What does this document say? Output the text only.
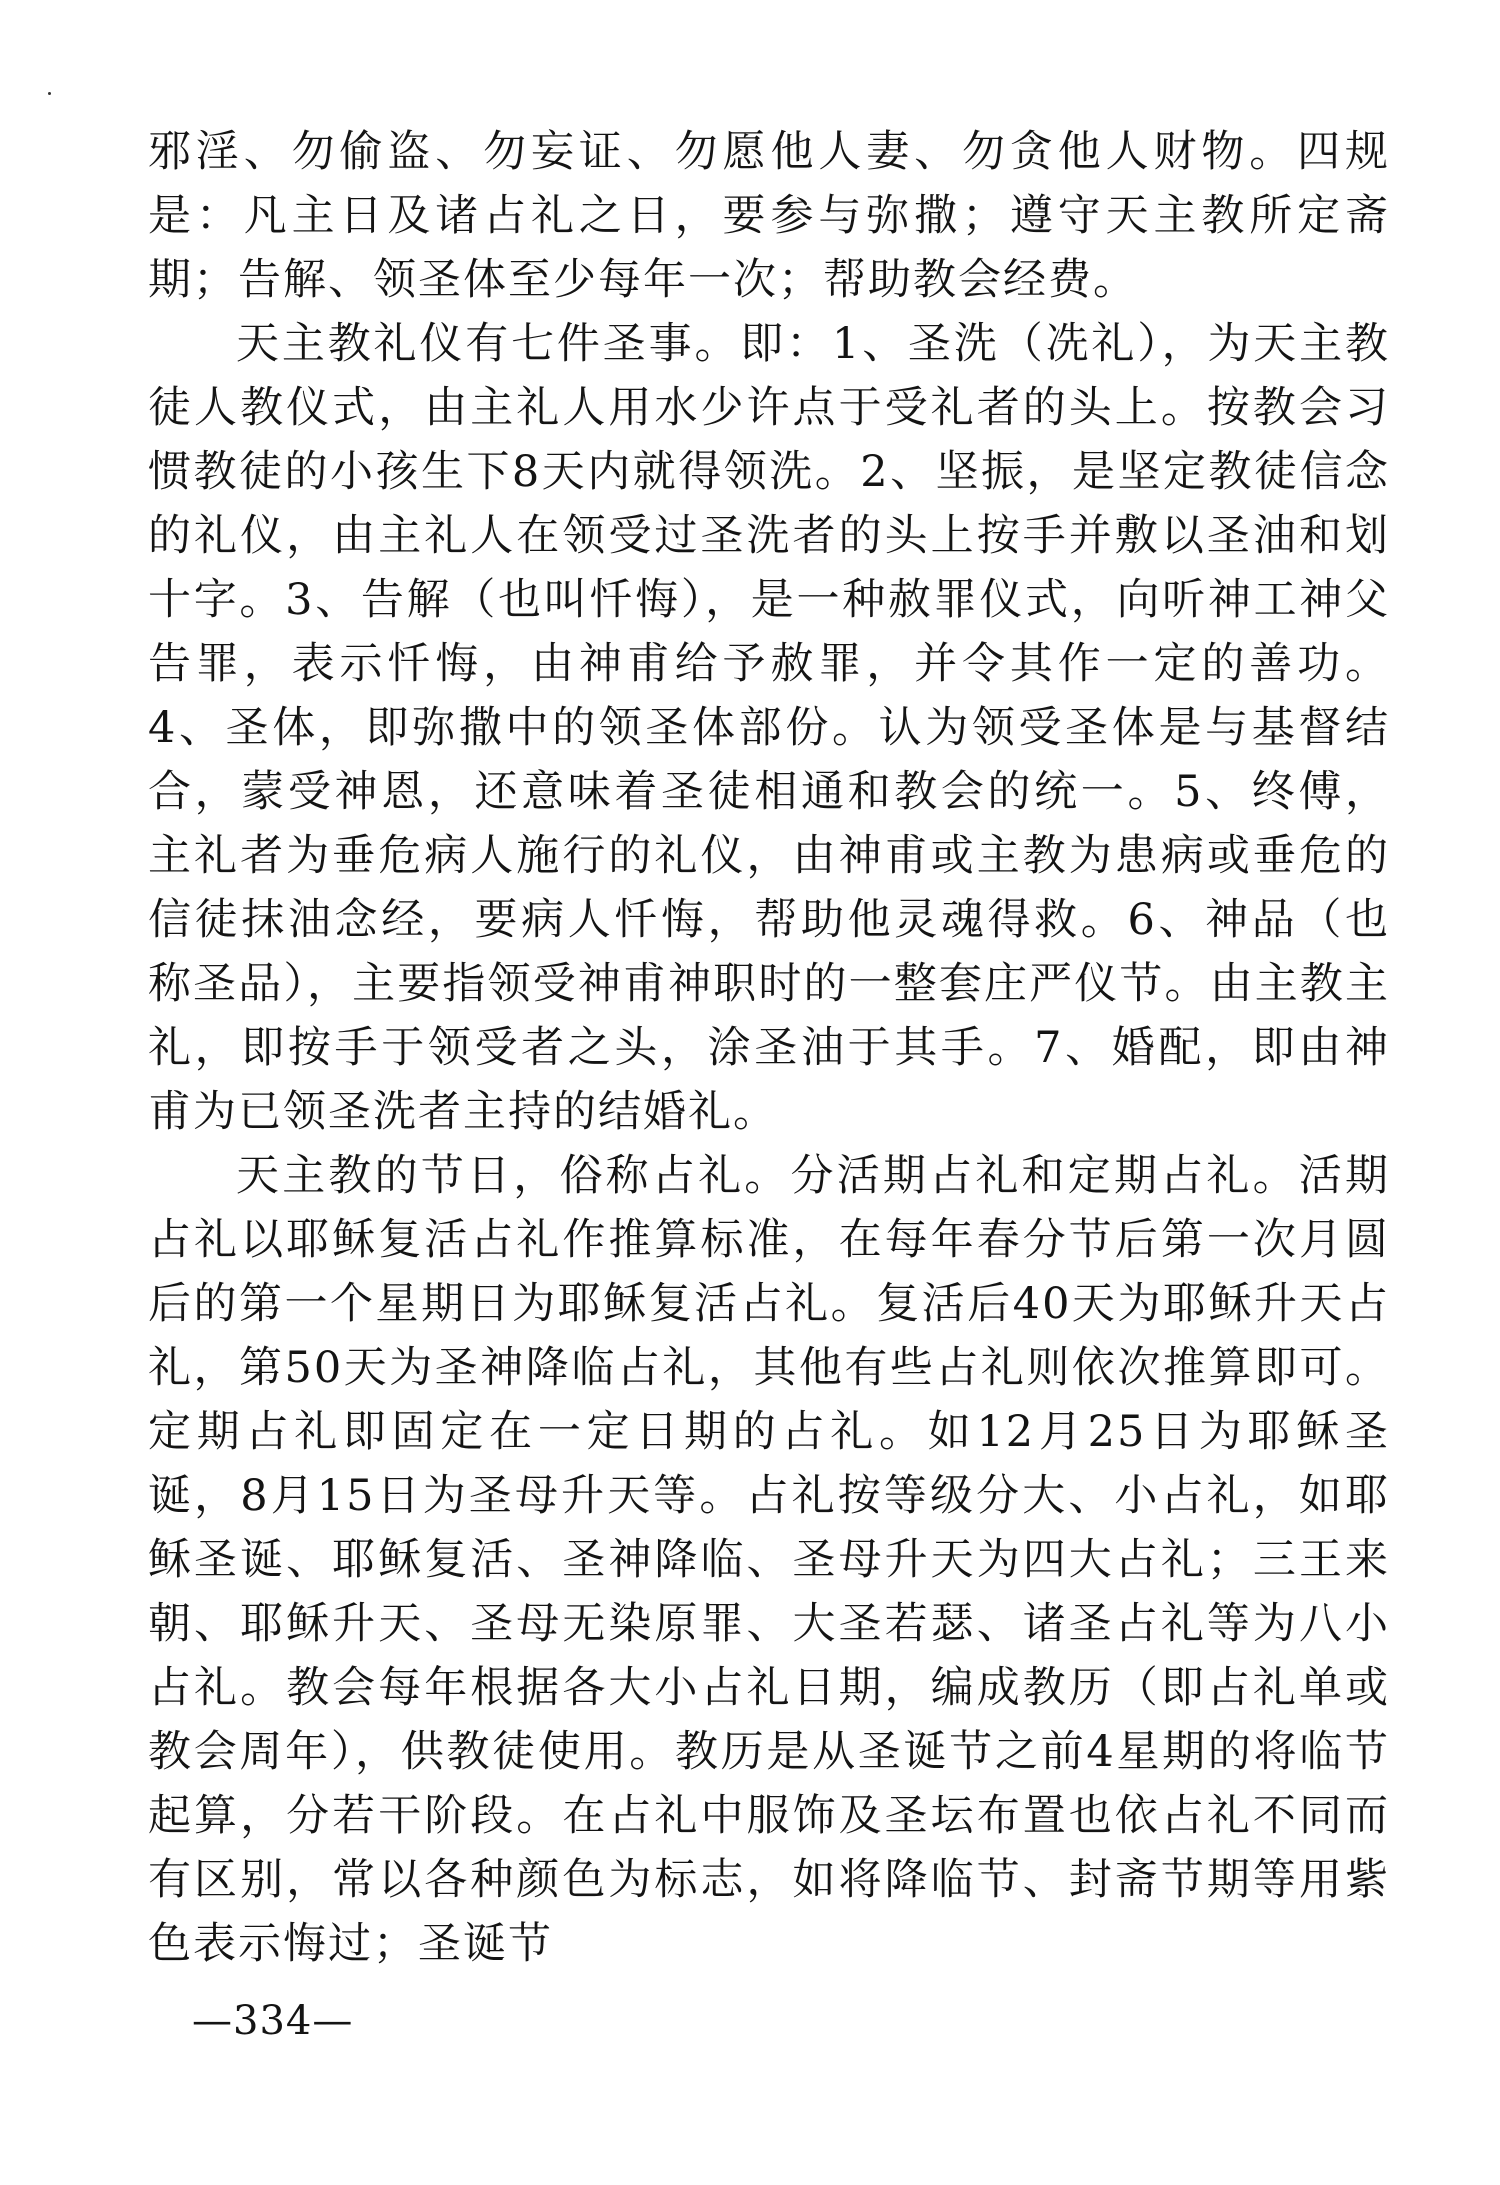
邪淫、勿偷盗、勿妄证、勿愿他人妻、勿贪他人财物。四规是：凡主日及诸占礼之日，要参与弥撒；遵守天主教所定斋期；告解、领圣体至少每年一次；帮助教会经费。

天主教礼仪有七件圣事。即：1、圣洗（冼礼），为天主教徒人教仪式，由主礼人用水少许点于受礼者的头上。按教会习惯教徒的小孩生下8天内就得领洗。2、坚振，是坚定教徒信念的礼仪，由主礼人在领受过圣洗者的头上按手并敷以圣油和划十字。3、告解（也叫忏悔），是一种赦罪仪式，向听神工神父告罪，表示忏悔，由神甫给予赦罪，并令其作一定的善功。4、圣体，即弥撒中的领圣体部份。认为领受圣体是与基督结合，蒙受神恩，还意味着圣徒相通和教会的统一。5、终傅，主礼者为垂危病人施行的礼仪，由神甫或主教为患病或垂危的信徒抹油念经，要病人忏悔，帮助他灵魂得救。6、神品（也称圣品），主要指领受神甫神职时的一整套庄严仪节。由主教主礼，即按手于领受者之头，涂圣油于其手。7、婚配，即由神甫为已领圣洗者主持的结婚礼。

天主教的节日，俗称占礼。分活期占礼和定期占礼。活期占礼以耶稣复活占礼作推算标准，在每年春分节后第一次月圆后的第一个星期日为耶稣复活占礼。复活后40天为耶稣升天占礼，第50天为圣神降临占礼，其他有些占礼则依次推算即可。定期占礼即固定在一定日期的占礼。如12月25日为耶稣圣诞，8月15日为圣母升天等。占礼按等级分大、小占礼，如耶稣圣诞、耶稣复活、圣神降临、圣母升天为四大占礼；三王来朝、耶稣升天、圣母无染原罪、大圣若瑟、诸圣占礼等为八小占礼。教会每年根据各大小占礼日期，编成教历（即占礼单或教会周年），供教徒使用。教历是从圣诞节之前4星期的将临节起算，分若干阶段。在占礼中服饰及圣坛布置也依占礼不同而有区别，常以各种颜色为标志，如将降临节、封斋节期等用紫色表示悔过；圣诞节

—334—
